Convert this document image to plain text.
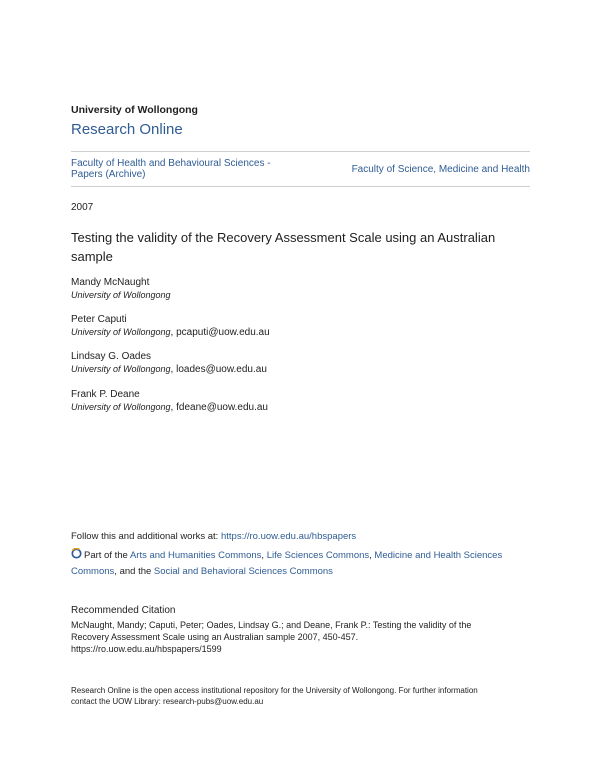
University of Wollongong
Research Online
Faculty of Health and Behavioural Sciences - Papers (Archive)	Faculty of Science, Medicine and Health
2007
Testing the validity of the Recovery Assessment Scale using an Australian sample
Mandy McNaught
University of Wollongong
Peter Caputi
University of Wollongong, pcaputi@uow.edu.au
Lindsay G. Oades
University of Wollongong, loades@uow.edu.au
Frank P. Deane
University of Wollongong, fdeane@uow.edu.au
Follow this and additional works at: https://ro.uow.edu.au/hbspapers
Part of the Arts and Humanities Commons, Life Sciences Commons, Medicine and Health Sciences Commons, and the Social and Behavioral Sciences Commons
Recommended Citation
McNaught, Mandy; Caputi, Peter; Oades, Lindsay G.; and Deane, Frank P.: Testing the validity of the
Recovery Assessment Scale using an Australian sample 2007, 450-457.
https://ro.uow.edu.au/hbspapers/1599
Research Online is the open access institutional repository for the University of Wollongong. For further information
contact the UOW Library: research-pubs@uow.edu.au
